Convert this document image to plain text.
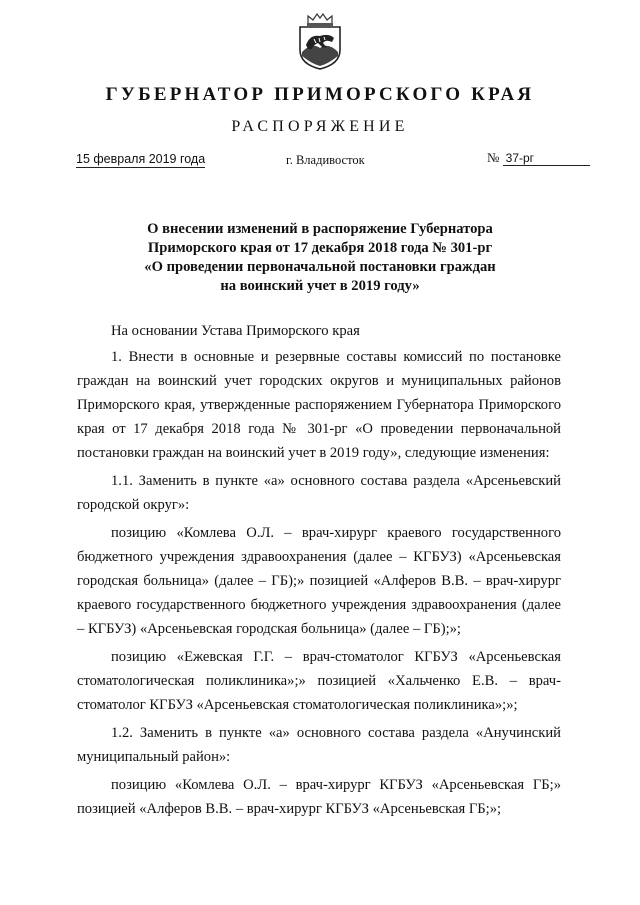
ГУБЕРНАТОР ПРИМОРСКОГО КРАЯ
РАСПОРЯЖЕНИЕ
15 февраля 2019 года	г. Владивосток	№ 37-рг
О внесении изменений в распоряжение Губернатора
Приморского края от 17 декабря 2018 года № 301-рг
«О проведении первоначальной постановки граждан
на воинский учет в 2019 году»

На основании Устава Приморского края

1. Внести в основные и резервные составы комиссий по постановке граждан на воинский учет городских округов и муниципальных районов Приморского края, утвержденные распоряжением Губернатора Приморского края от 17 декабря 2018 года № 301-рг «О проведении первоначальной постановки граждан на воинский учет в 2019 году», следующие изменения:

1.1. Заменить в пункте «а» основного состава раздела «Арсеньевский городской округ»:

позицию «Комлева О.Л. – врач-хирург краевого государственного бюджетного учреждения здравоохранения (далее – КГБУЗ) «Арсеньевская городская больница» (далее – ГБ);» позицией «Алферов В.В. – врач-хирург краевого государственного бюджетного учреждения здравоохранения (далее – КГБУЗ) «Арсеньевская городская больница» (далее – ГБ);»;

позицию «Ежевская Г.Г. – врач-стоматолог КГБУЗ «Арсеньевская стоматологическая поликлиника»;» позицией «Хальченко Е.В. – врач-стоматолог КГБУЗ «Арсеньевская стоматологическая поликлиника»;»;

1.2. Заменить в пункте «а» основного состава раздела «Анучинский муниципальный район»:

позицию «Комлева О.Л. – врач-хирург КГБУЗ «Арсеньевская ГБ;» позицией «Алферов В.В. – врач-хирург КГБУЗ «Арсеньевская ГБ;»;
